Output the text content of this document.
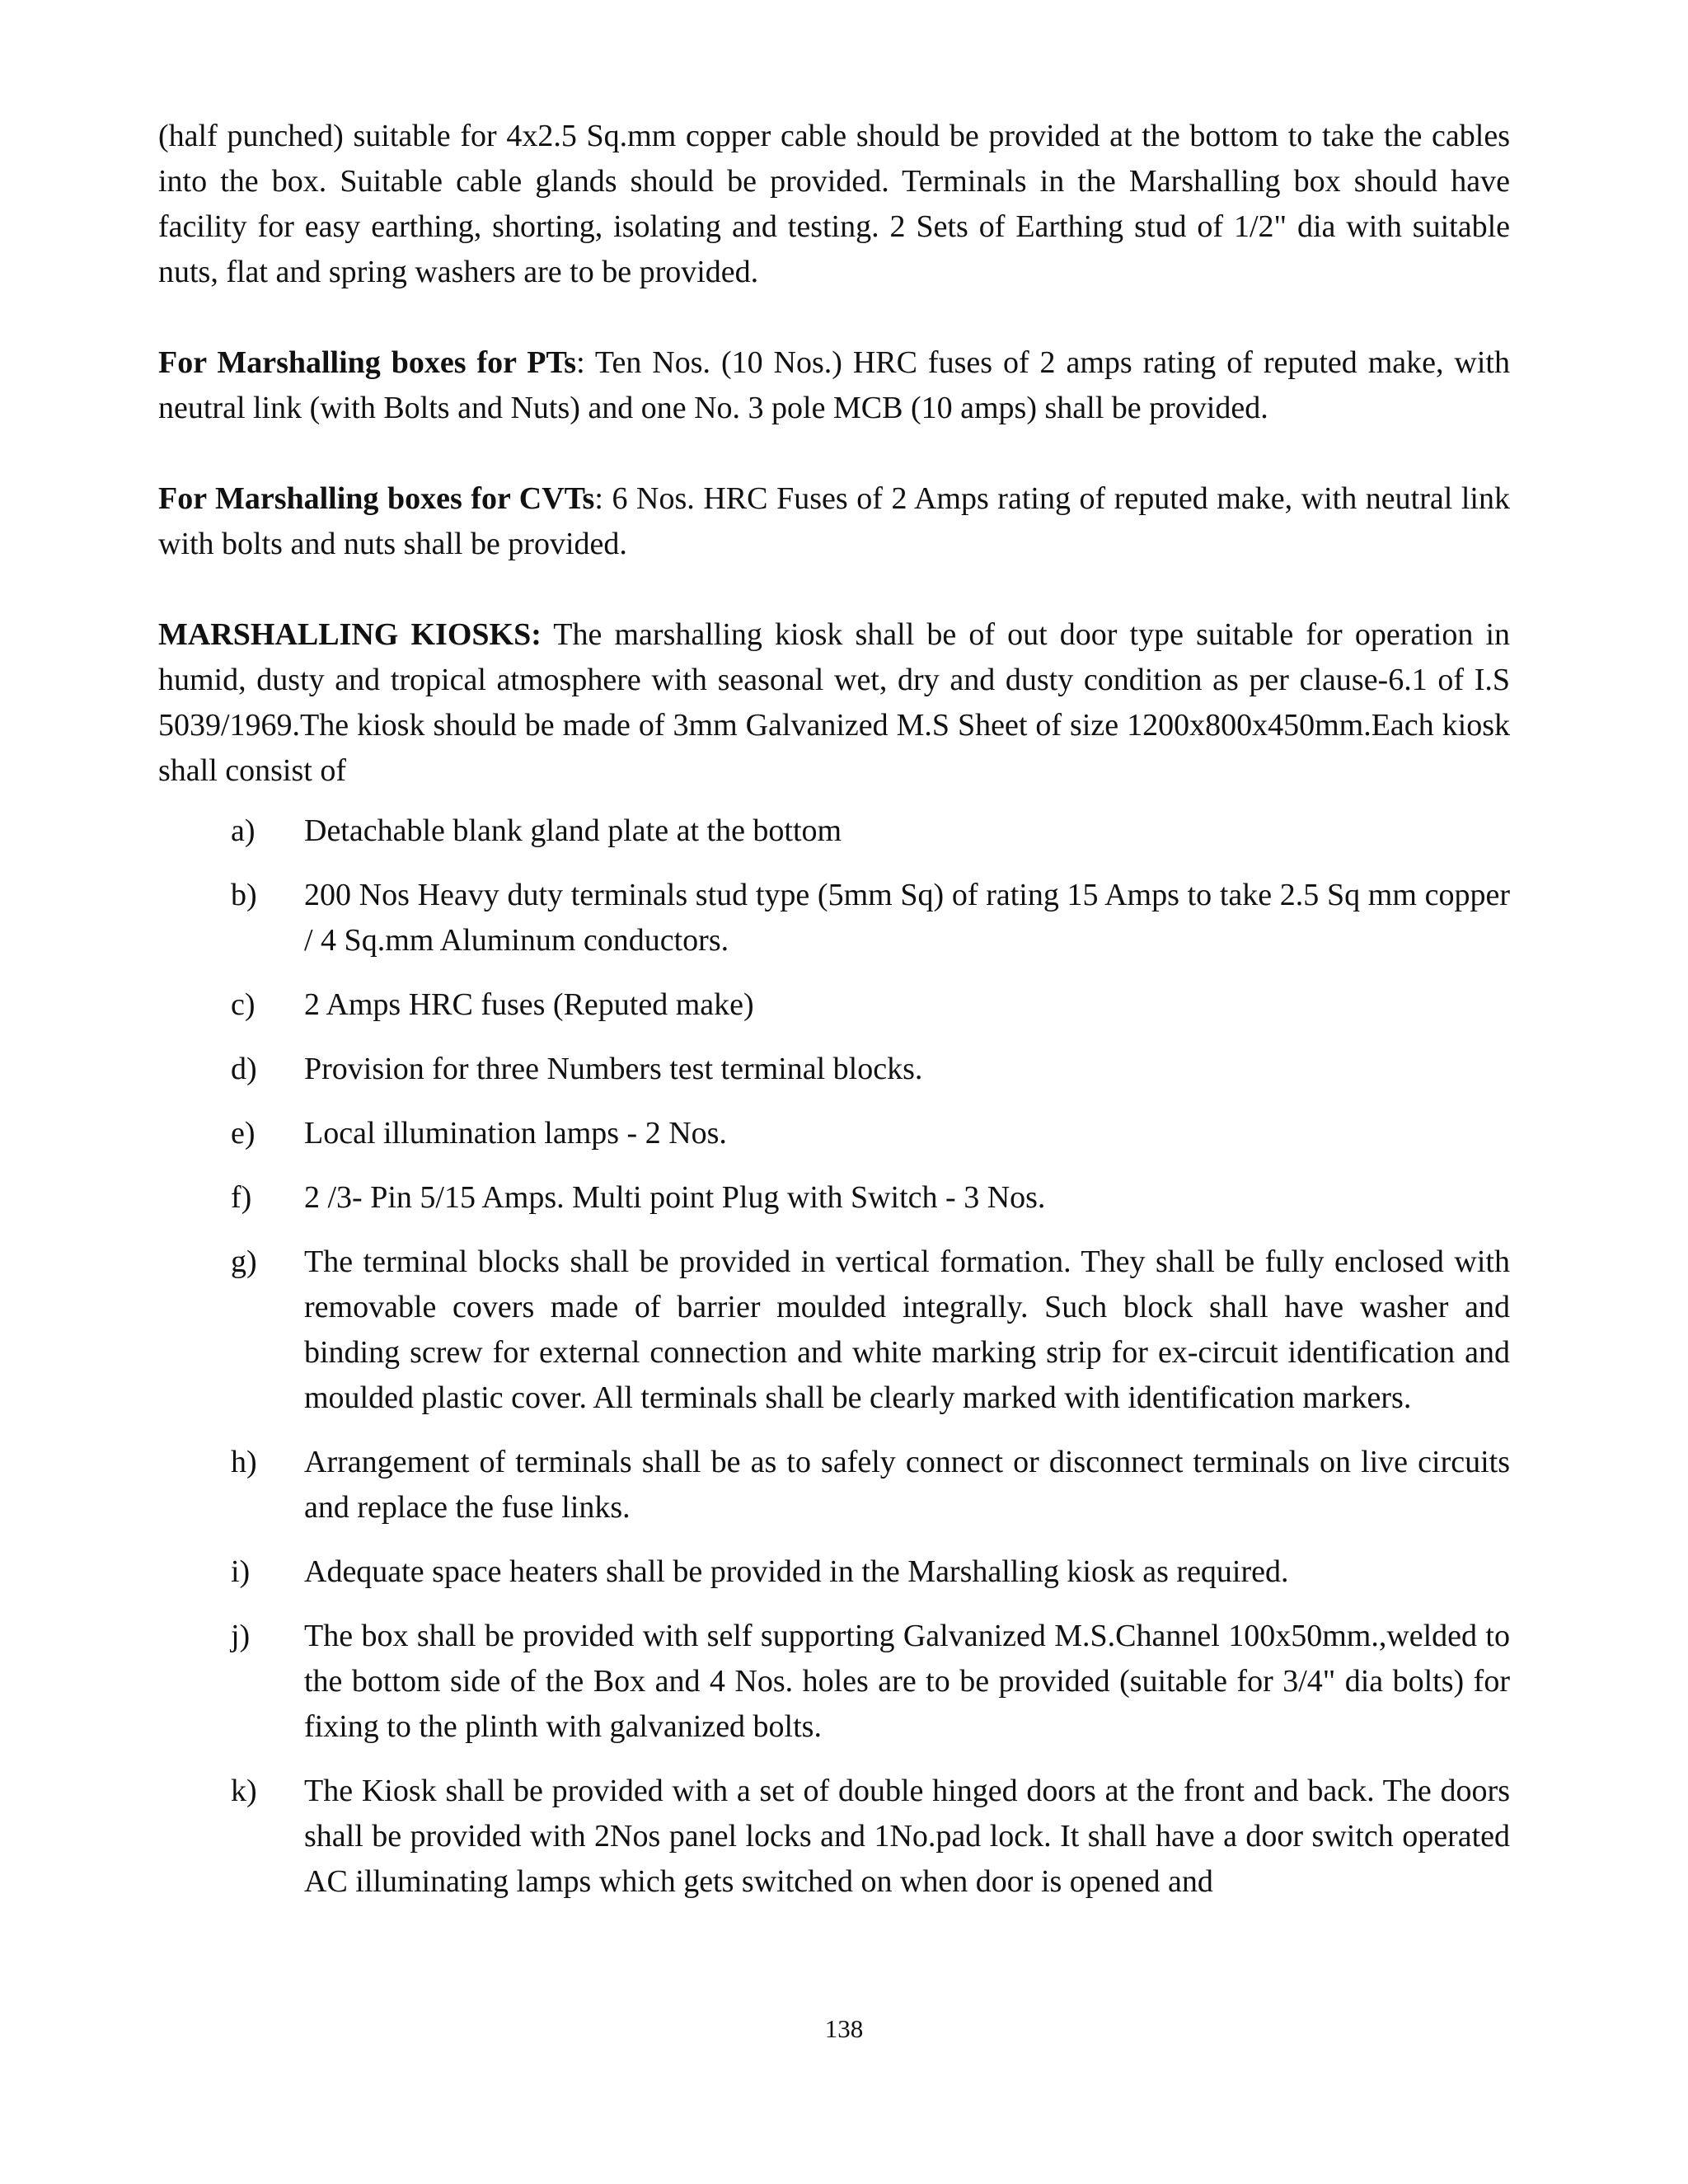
(half punched) suitable for 4x2.5 Sq.mm copper cable should be provided at the bottom to take the cables into the box. Suitable cable glands should be provided. Terminals in the Marshalling box should have facility for easy earthing, shorting, isolating and testing. 2 Sets of Earthing stud of 1/2" dia with suitable nuts, flat and spring washers are to be provided.

For Marshalling boxes for PTs: Ten Nos. (10 Nos.) HRC fuses of 2 amps rating of reputed make, with neutral link (with Bolts and Nuts) and one No. 3 pole MCB (10 amps) shall be provided.

For Marshalling boxes for CVTs: 6 Nos. HRC Fuses of 2 Amps rating of reputed make, with neutral link with bolts and nuts shall be provided.

MARSHALLING KIOSKS: The marshalling kiosk shall be of out door type suitable for operation in humid, dusty and tropical atmosphere with seasonal wet, dry and dusty condition as per clause-6.1 of I.S 5039/1969.The kiosk should be made of 3mm Galvanized M.S Sheet of size 1200x800x450mm.Each kiosk shall consist of

a) Detachable blank gland plate at the bottom
b) 200 Nos Heavy duty terminals stud type (5mm Sq) of rating 15 Amps to take 2.5 Sq mm copper / 4 Sq.mm Aluminum conductors.
c) 2 Amps HRC fuses (Reputed make)
d) Provision for three Numbers test terminal blocks.
e) Local illumination lamps - 2 Nos.
f) 2 /3- Pin 5/15 Amps. Multi point Plug with Switch - 3 Nos.
g) The terminal blocks shall be provided in vertical formation. They shall be fully enclosed with removable covers made of barrier moulded integrally. Such block shall have washer and binding screw for external connection and white marking strip for ex-circuit identification and moulded plastic cover. All terminals shall be clearly marked with identification markers.
h) Arrangement of terminals shall be as to safely connect or disconnect terminals on live circuits and replace the fuse links.
i) Adequate space heaters shall be provided in the Marshalling kiosk as required.
j) The box shall be provided with self supporting Galvanized M.S.Channel 100x50mm.,welded to the bottom side of the Box and 4 Nos. holes are to be provided (suitable for 3/4" dia bolts) for fixing to the plinth with galvanized bolts.
k) The Kiosk shall be provided with a set of double hinged doors at the front and back. The doors shall be provided with 2Nos panel locks and 1No.pad lock. It shall have a door switch operated AC illuminating lamps which gets switched on when door is opened and
138
